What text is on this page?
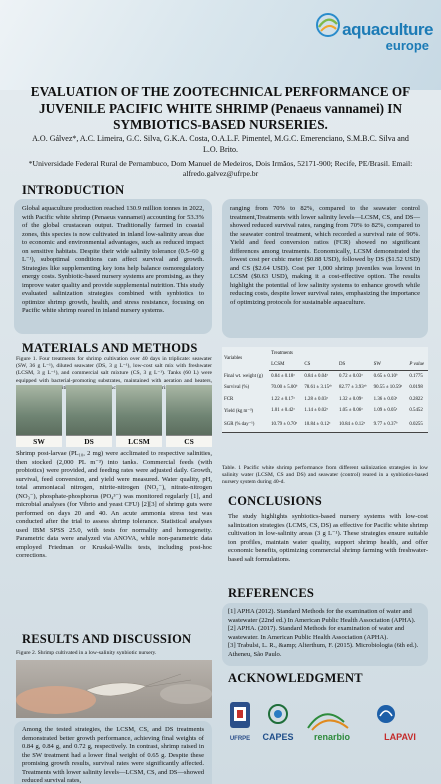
aquaculture
europe
EVALUATION OF THE ZOOTECHNICAL PERFORMANCE OF JUVENILE PACIFIC WHITE SHRIMP (Penaeus vannamei) IN SYMBIOTICS-BASED NURSERIES.
A.O. Gálvez*, A.C. Limeira, G.C. Silva, G.K.A. Costa, O.A.L.F. Pimentel, M.G.C. Emerenciano, S.M.B.C. Silva and L.O. Brito.
*Universidade Federal Rural de Pernambuco, Dom Manuel de Medeiros, Dois Irmãos, 52171-900; Recife, PE/Brasil. Email: alfredo.galvez@ufrpe.br
INTRODUCTION
Global aquaculture production reached 130.9 million tonnes in 2022, with Pacific white shrimp (Penaeus vannamei) accounting for 53.3% of the global crustacean output. Traditionally farmed in coastal zones, this species is now cultivated in inland low-salinity areas due to economic and environmental advantages, such as reduced impact on sensitive habitats. Despite their wide salinity tolerance (0.5–60 g L⁻¹), suboptimal conditions can affect survival and growth. Strategies like supplementing key ions help balance osmoregulatory energy costs. Synbiotic-based nursery systems are promising, as they improve water quality and provide supplemental nutrition. This study evaluated salinization strategies combined with synbiotics to optimize shrimp growth, health, and stress resistance, focusing on Pacific white shrimp reared in inland nursery systems.
ranging from 70% to 82%, compared to the seawater control treatment,Treatments with lower salinity levels—LCSM, CS, and DS—showed reduced survival rates, ranging from 70% to 82%, compared to the seawater control treatment, which recorded a survival rate of 90%. Yield and feed conversion ratios (FCR) showed no significant differences among treatments. Economically, LCSM demonstrated the lowest cost per cubic meter ($0.88 USD), followed by DS ($1.52 USD) and CS ($2.64 USD). Cost per 1,000 shrimp juveniles was lowest in LCSM ($0.63 USD), making it a cost-effective option. The results highlight the potential of low salinity systems to enhance growth while reducing costs, despite lower survival rates, emphasizing the importance of optimizing protocols for sustainable aquaculture.
MATERIALS AND METHODS
Figure 1. Four treatments for shrimp cultivation over 40 days in triplicate: seawater (SW, 36 g L⁻¹), diluted seawater (DS, 3 g L⁻¹), low-cost salt mix with freshwater (LCSM, 3 g L⁻¹), and commercial salt mixture (CS, 3 g L⁻¹). Tanks (60 L) were equipped with bacterial-promoting substrates, maintained with aeration and heaters, conditions shrimp
SW	DS	LCSM	CS
Shrimp post-larvae (PL₁₀, 2 mg) were acclimated to respective salinities, then stocked (2,000 PL m⁻³) into tanks. Commercial feeds (with probiotics) were provided, and feeding rates were adjusted daily. Growth, survival, feed conversion, and yield were measured. Water quality, pH, total ammoniacal nitrogen, nitrite-nitrogen (NO₂⁻), nitrate-nitrogen (NO₃⁻), phosphate-phosphorus (PO₄³⁻) was monitored regularly [1], and microbial analyses (for Vibrio and yeast CFU) [2][3] of shrimp guts were performed on days 20 and 40. An acute ammonia stress test was conducted after the trial to assess shrimp tolerance. Statistical analyses used IBM SPSS 25.0, with tests for normality and homogeneity. Parametric data were analyzed via ANOVA, while non-parametric data employed Friedman or Kruskal-Wallis tests, including post-hoc corrections.
RESULTS AND DISCUSSION
Figure 2. Shrimp cultivated in a low-salinity synbiotic nursery.
Among the tested strategies, the LCSM, CS, and DS treatments demonstrated better growth performance, achieving final weights of 0.84 g, 0.84 g, and 0.72 g, respectively. In contrast, shrimp raised in the SW treatment had a lower final weight of 0.65 g. Despite these promising growth results, survival rates were significantly affected. Treatments with lower salinity levels—LCSM, CS, and DS—showed reduced survival rates,
Variables	Treatments				
	LCSM	CS	DS	SW	P value
Final wt. weight (g)	0.84 ± 0.18ᵃ	0.84 ± 0.04ᵃ	0.72 ± 0.03ᵃ	0.65 ± 0.10ᵇ	0.1775
Survival (%)	70.00 ± 5.00ᵇ	78.61 ± 3.15ᵃᵇ	82.77 ± 3.93ᵃᵇ	90.55 ± 10.59ᵃ	0.0198
FCR	1.22 ± 0.17ᵃ	1.28 ± 0.03ᵃ	1.32 ± 0.09ᵃ	1.36 ± 0.03ᵃ	0.2822
Yield (kg m⁻³)	1.01 ± 0.42ᵃ	1.14 ± 0.02ᵃ	1.05 ± 0.06ᵃ	1.09 ± 0.05ᵃ	0.5452
SGR (% day⁻¹)	10.79 ± 0.70ᵃ	10.84 ± 0.12ᵃ	10.84 ± 0.12ᵃ	9.77 ± 0.37ᵇ	0.0255
Table. 1 Pacific white shrimp performance from different salinization strategies in low salinity water (LCSM, CS and DS) and seawater (control) reared in a synbiotics-based nursery system during 40-d.
CONCLUSIONS
The study highlights synbiotics-based nursery systems with low-cost salinization strategies (LCMS, CS, DS) as effective for Pacific white shrimp cultivation in low-salinity areas (3 g L⁻¹). These strategies ensure suitable ion profiles, maintain water quality, support shrimp health, and offer economic benefits, optimizing commercial shrimp farming with freshwater- based salt formulations.
REFERENCES
[1] APHA (2012). Standard Methods for the examination of water and wastewater (22nd ed.) In American Public Health Association (APHA).
[2] APHA. (2017). Standard Methods for examination of water and wastewater. In American Public Health Association (APHA).
[3] Trabulsi, L. R., &amp; Alterthum, F. (2015). Microbiologia (6th ed.). Atheneu, São Paulo.
ACKNOWLEDGMENT
UFRPE CAPES renarbio	LAPAVI
